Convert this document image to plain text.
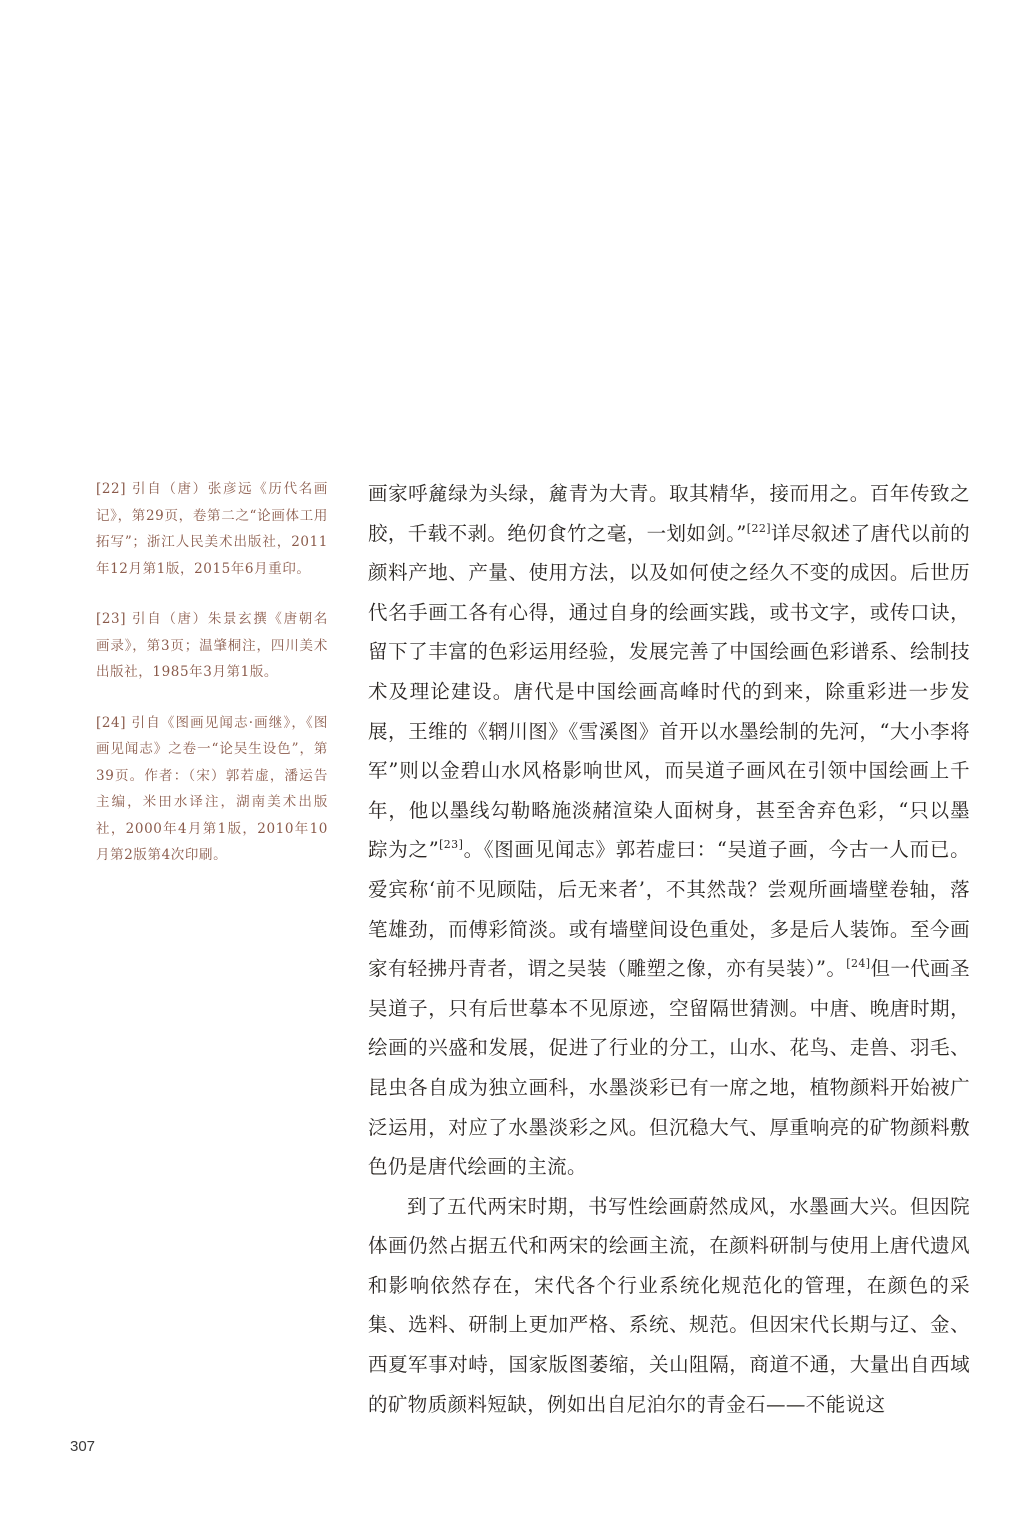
[22] 引自（唐）张彦远《历代名画记》，第29页，卷第二之“论画体工用拓写”；浙江人民美术出版社，2011年12月第1版，2015年6月重印。

[23] 引自（唐）朱景玄撰《唐朝名画录》，第3页；温肇桐注，四川美术出版社，1985年3月第1版。

[24] 引自《图画见闻志·画继》，《图画见闻志》之卷一“论吴生设色”，第39页。作者：（宋）郭若虚，潘运告主编，米田水译注，湖南美术出版社，2000年4月第1版，2010年10月第2版第4次印刷。

画家呼麄绿为头绿，麄青为大青。取其精华，接而用之。百年传致之胶，千载不剥。绝仞食竹之毫，一划如剑。”[22]详尽叙述了唐代以前的颜料产地、产量、使用方法，以及如何使之经久不变的成因。后世历代名手画工各有心得，通过自身的绘画实践，或书文字，或传口诀，留下了丰富的色彩运用经验，发展完善了中国绘画色彩谱系、绘制技术及理论建设。唐代是中国绘画高峰时代的到来，除重彩进一步发展，王维的《辋川图》《雪溪图》首开以水墨绘制的先河，“大小李将军”则以金碧山水风格影响世风，而吴道子画风在引领中国绘画上千年，他以墨线勾勒略施淡赭渲染人面树身，甚至舍弃色彩，“只以墨踪为之”[23]。《图画见闻志》郭若虚曰：“吴道子画，今古一人而已。爱宾称‘前不见顾陆，后无来者’，不其然哉？尝观所画墙壁卷轴，落笔雄劲，而傅彩简淡。或有墙壁间设色重处，多是后人装饰。至今画家有轻拂丹青者，谓之吴装（雕塑之像，亦有吴装）”。[24]但一代画圣吴道子，只有后世摹本不见原迹，空留隔世猜测。中唐、晚唐时期，绘画的兴盛和发展，促进了行业的分工，山水、花鸟、走兽、羽毛、昆虫各自成为独立画科，水墨淡彩已有一席之地，植物颜料开始被广泛运用，对应了水墨淡彩之风。但沉稳大气、厚重响亮的矿物颜料敷色仍是唐代绘画的主流。

到了五代两宋时期，书写性绘画蔚然成风，水墨画大兴。但因院体画仍然占据五代和两宋的绘画主流，在颜料研制与使用上唐代遗风和影响依然存在，宋代各个行业系统化规范化的管理，在颜色的采集、选料、研制上更加严格、系统、规范。但因宋代长期与辽、金、西夏军事对峙，国家版图萎缩，关山阻隔，商道不通，大量出自西域的矿物质颜料短缺，例如出自尼泊尔的青金石——不能说这

307
